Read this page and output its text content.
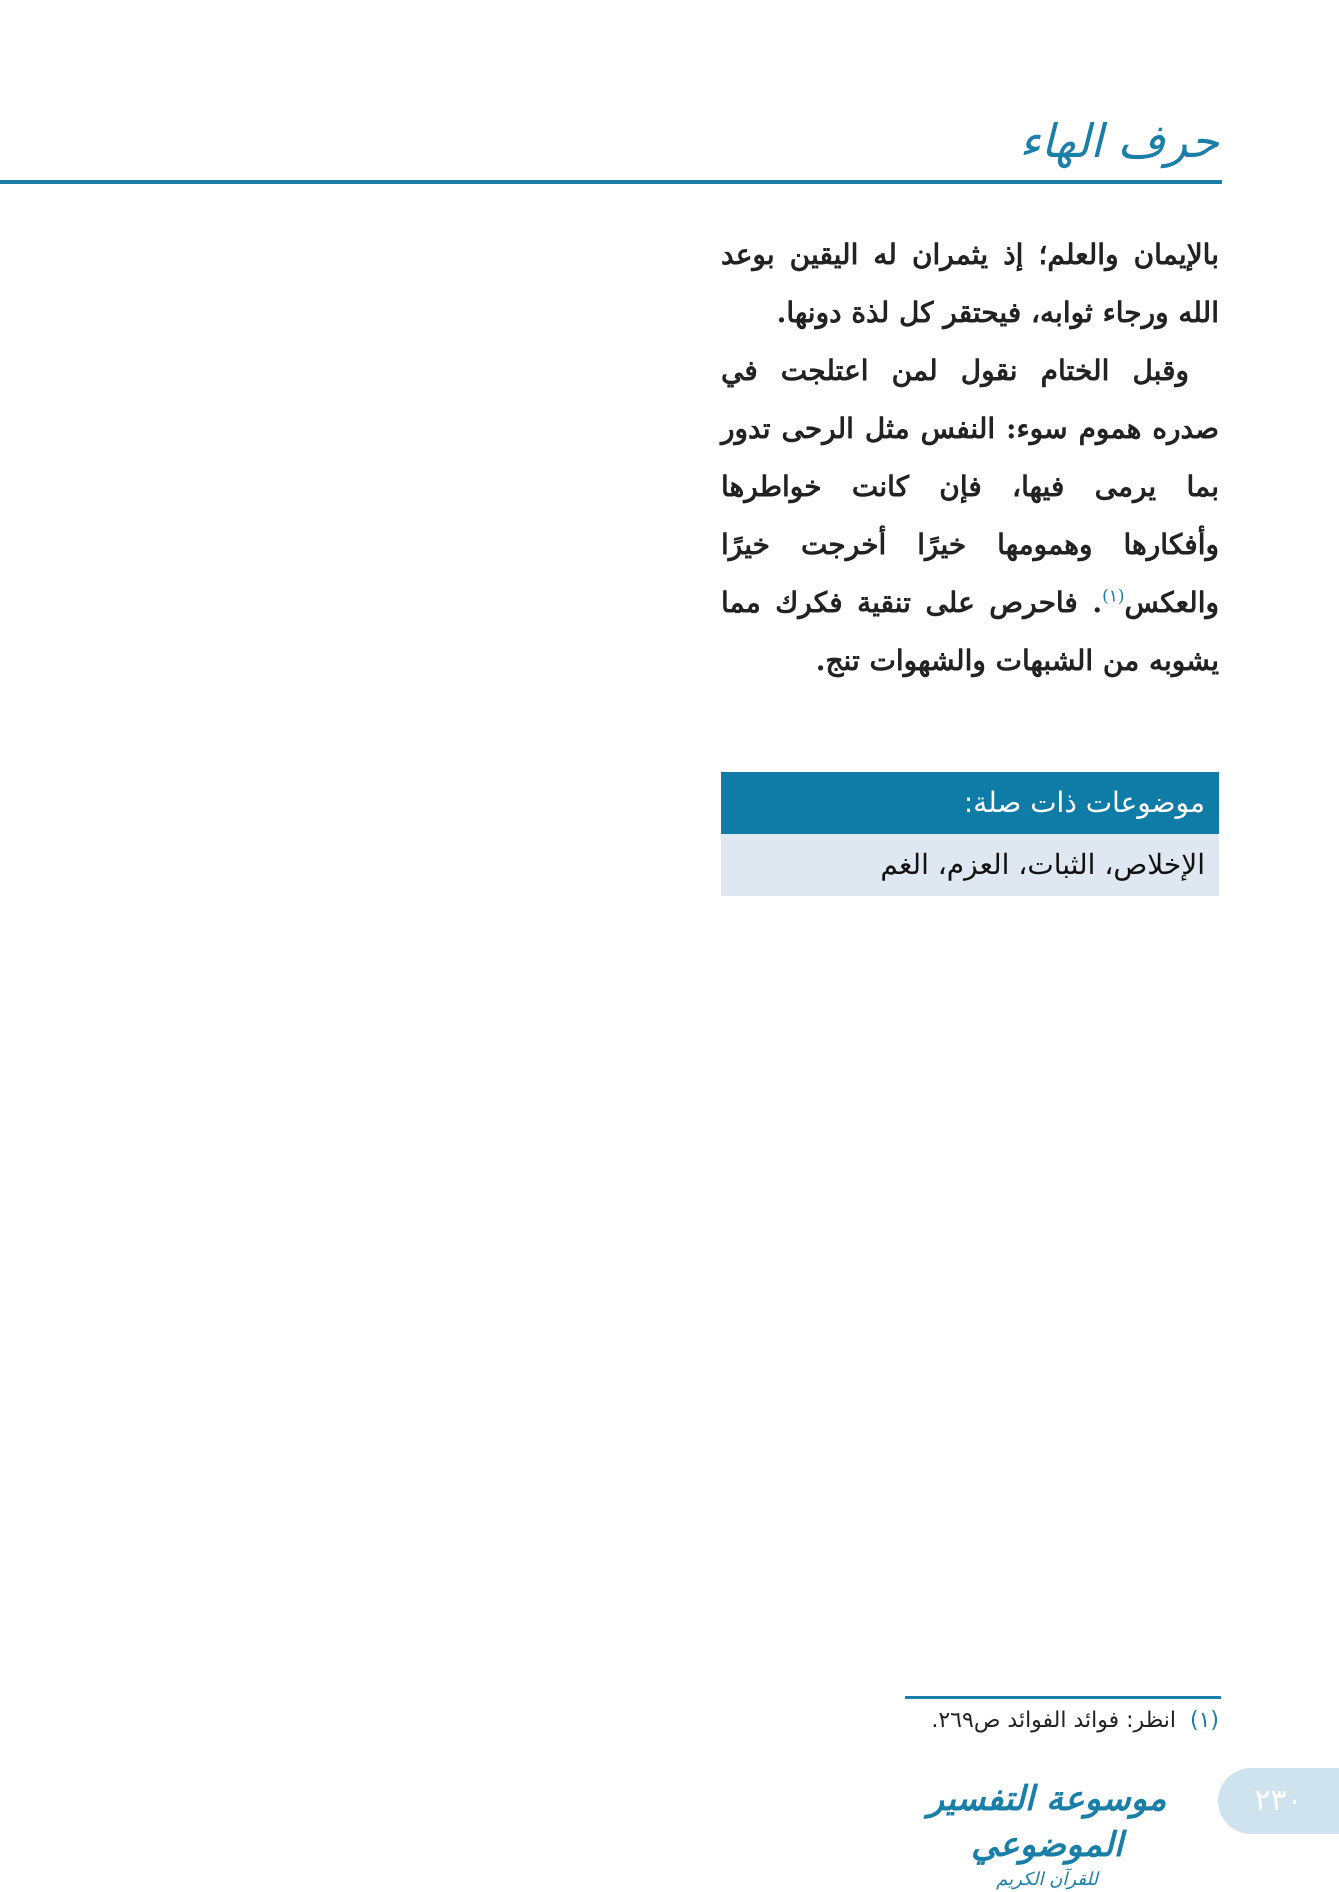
حرف الهاء

بالإيمان والعلم؛ إذ يثمران له اليقين بوعد الله ورجاء ثوابه، فيحتقر كل لذة دونها.

وقبل الختام نقول لمن اعتلجت في صدره هموم سوء: النفس مثل الرحى تدور بما يرمى فيها، فإن كانت خواطرها وأفكارها وهمومها خيرًا أخرجت خيرًا والعكس$^{(١)}$. فاحرص على تنقية فكرك مما يشوبه من الشبهات والشهوات تنج.

موضوعات ذات صلة:
الإخلاص، الثبات، العزم، الغم
(١)انظر: فوائد الفوائد ص٢٦٩.
موسوعة التفسير الموضوعي
للقرآن الكريم
٢٣٠
